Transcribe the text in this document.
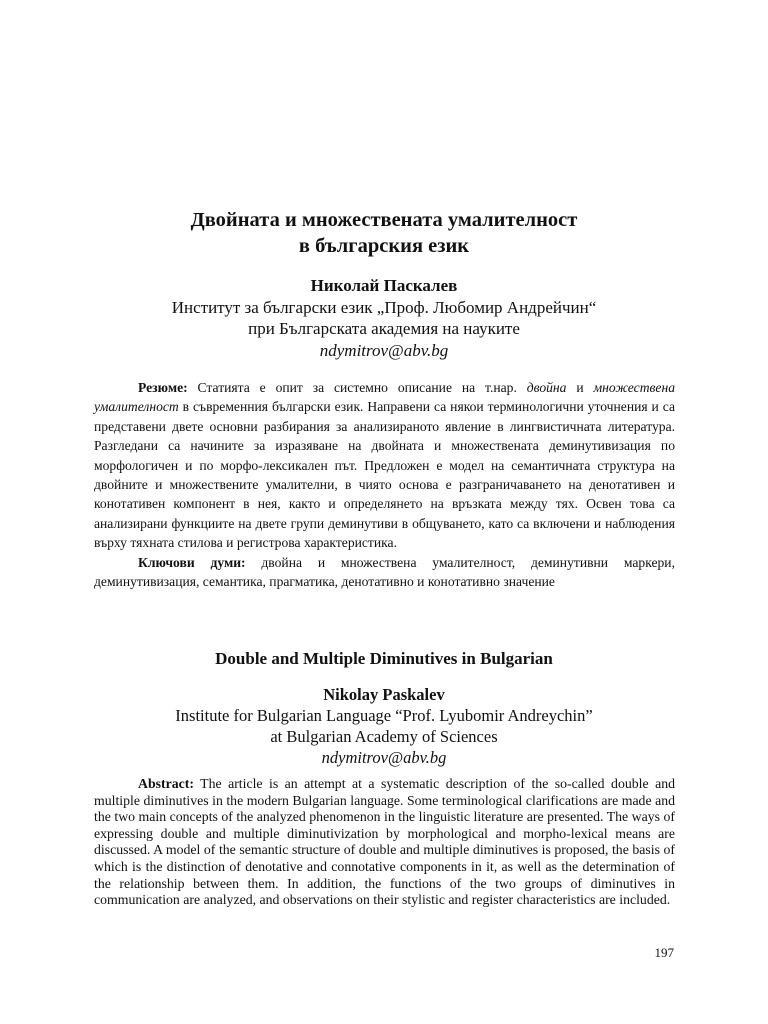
Двойната и множествената умалителност
в българския език
Николай Паскалев
Институт за български език „Проф. Любомир Андрейчин“
при Българската академия на науките
ndymitrov@abv.bg

Резюме: Статията е опит за системно описание на т.нар. двойна и множествена умалителност в съвременния български език. Направени са някои терминологични уточнения и са представени двете основни разбирания за анализираното явление в лингвистичната литература. Разгледани са начините за изразяване на двойната и множествената деминутивизация по морфологичен и по морфо-лексикален път. Предложен е модел на семантичната структура на двойните и множествените умалителни, в чиято основа е разграничаването на денотативен и конотативен компонент в нея, както и определянето на връзката между тях. Освен това са анализирани функциите на двете групи деминутиви в общуването, като са включени и наблюдения върху тяхната стилова и регистрова характеристика.

Ключови думи: двойна и множествена умалителност, деминутивни маркери, деминутивизация, семантика, прагматика, денотативно и конотативно значение

Double and Multiple Diminutives in Bulgarian
Nikolay Paskalev
Institute for Bulgarian Language “Prof. Lyubomir Andreychin”
at Bulgarian Academy of Sciences
ndymitrov@abv.bg

Abstract: The article is an attempt at a systematic description of the so-called double and multiple diminutives in the modern Bulgarian language. Some terminological clarifications are made and the two main concepts of the analyzed phenomenon in the linguistic literature are presented. The ways of expressing double and multiple diminutivization by morphological and morpho-lexical means are discussed. A model of the semantic structure of double and multiple diminutives is proposed, the basis of which is the distinction of denotative and connotative components in it, as well as the determination of the relationship between them. In addition, the functions of the two groups of diminutives in communication are analyzed, and observations on their stylistic and register characteristics are included.

197
